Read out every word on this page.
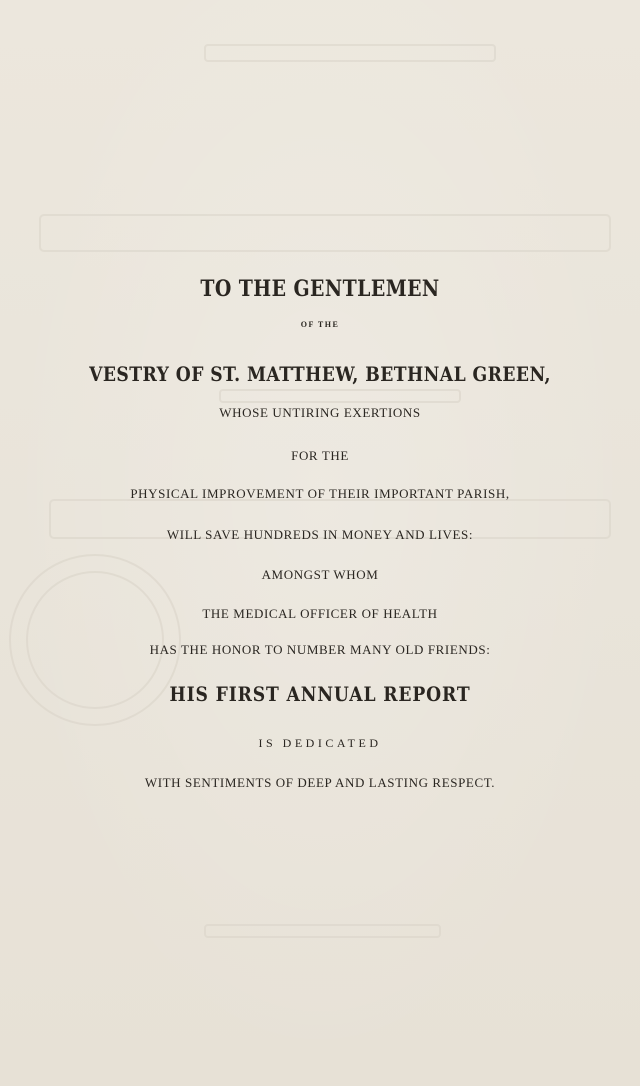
TO THE GENTLEMEN
OF THE
VESTRY OF ST. MATTHEW, BETHNAL GREEN,
WHOSE UNTIRING EXERTIONS
FOR THE
PHYSICAL IMPROVEMENT OF THEIR IMPORTANT PARISH,
WILL SAVE HUNDREDS IN MONEY AND LIVES:
AMONGST WHOM
THE MEDICAL OFFICER OF HEALTH
HAS THE HONOR TO NUMBER MANY OLD FRIENDS:
HIS FIRST ANNUAL REPORT
IS DEDICATED
WITH SENTIMENTS OF DEEP AND LASTING RESPECT.
